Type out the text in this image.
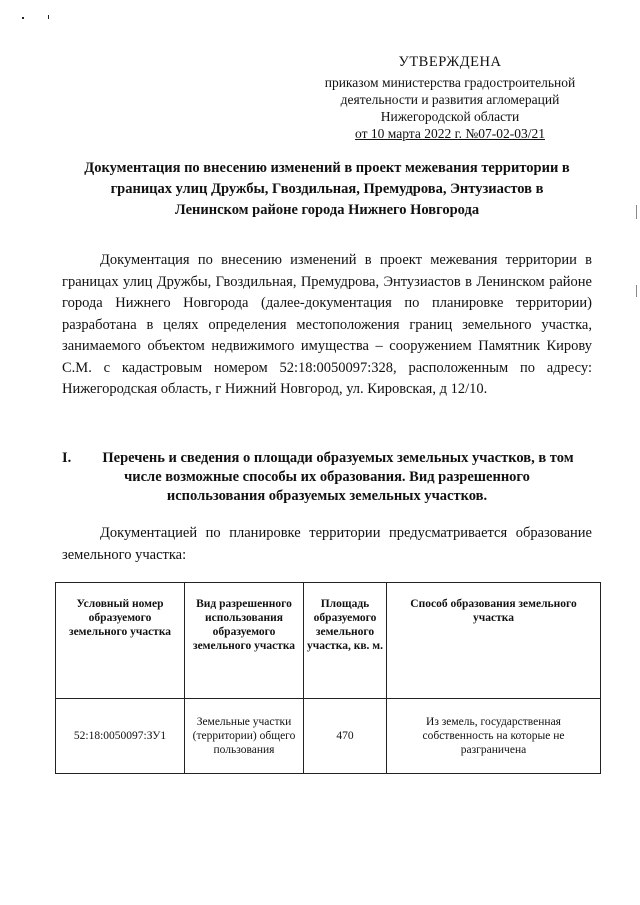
УТВЕРЖДЕНА
приказом министерства градостроительной
деятельности и развития агломераций
Нижегородской области
от 10 марта 2022 г. №07-02-03/21
Документация по внесению изменений в проект межевания территории в
границах улиц Дружбы, Гвоздильная, Премудрова, Энтузиастов в
Ленинском районе города Нижнего Новгорода

Документация по внесению изменений в проект межевания территории в границах улиц Дружбы, Гвоздильная, Премудрова, Энтузиастов в Ленинском районе города Нижнего Новгорода (далее-документация по планировке территории) разработана в целях определения местоположения границ земельного участка, занимаемого объектом недвижимого имущества – сооружением Памятник Кирову С.М. с кадастровым номером 52:18:0050097:328, расположенным по адресу: Нижегородская область, г Нижний Новгород, ул. Кировская, д 12/10.

I.	Перечень и сведения о площади образуемых земельных участков, в том
числе возможные способы их образования. Вид разрешенного
использования образуемых земельных участков.

Документацией по планировке территории предусматривается образование земельного участка:

Условный номер образуемого земельного участка	Вид разрешенного использования образуемого земельного участка	Площадь образуемого земельного участка, кв. м.	Способ образования земельного участка
52:18:0050097:ЗУ1	Земельные участки (территории) общего пользования	470	Из земель, государственная собственность на которые не разграничена
